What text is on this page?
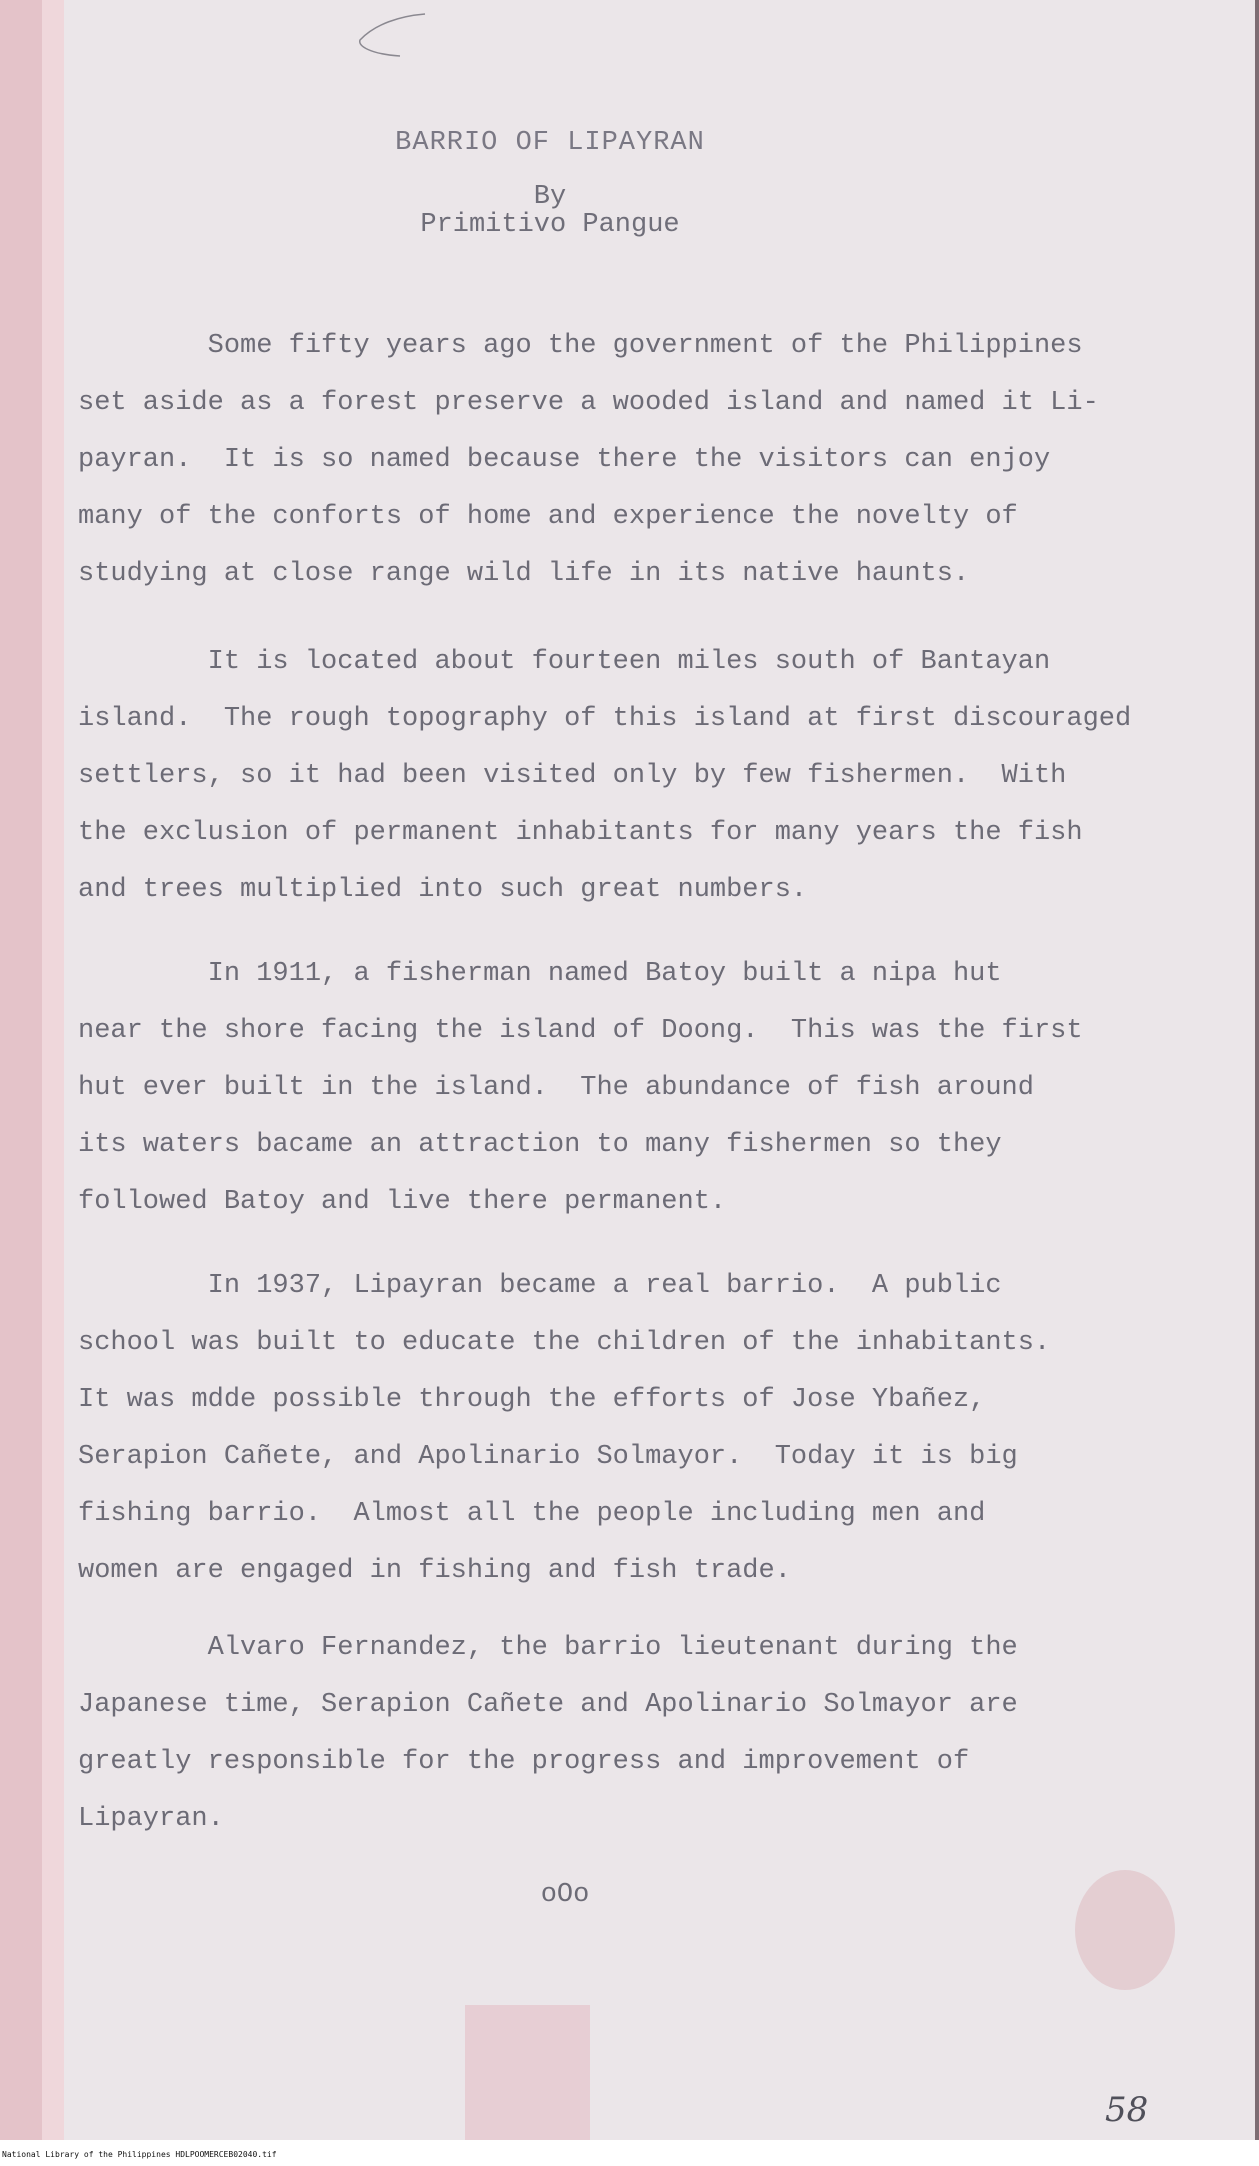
BARRIO OF LIPAYRAN
By
Primitivo Pangue
Some fifty years ago the government of the Philippines
set aside as a forest preserve a wooded island and named it Li-
payran.  It is so named because there the visitors can enjoy
many of the conforts of home and experience the novelty of
studying at close range wild life in its native haunts.
It is located about fourteen miles south of Bantayan
island.  The rough topography of this island at first discouraged
settlers, so it had been visited only by few fishermen.  With
the exclusion of permanent inhabitants for many years the fish
and trees multiplied into such great numbers.
In 1911, a fisherman named Batoy built a nipa hut
near the shore facing the island of Doong.  This was the first
hut ever built in the island.  The abundance of fish around
its waters bacame an attraction to many fishermen so they
followed Batoy and live there permanent.
In 1937, Lipayran became a real barrio.  A public
school was built to educate the children of the inhabitants.
It was mdde possible through the efforts of Jose Ybañez,
Serapion Cañete, and Apolinario Solmayor.  Today it is big
fishing barrio.  Almost all the people including men and
women are engaged in fishing and fish trade.
Alvaro Fernandez, the barrio lieutenant during the
Japanese time, Serapion Cañete and Apolinario Solmayor are
greatly responsible for the progress and improvement of
Lipayran.
oOo
58
National Library of the Philippines HDLPOOMERCEB02040.tif
